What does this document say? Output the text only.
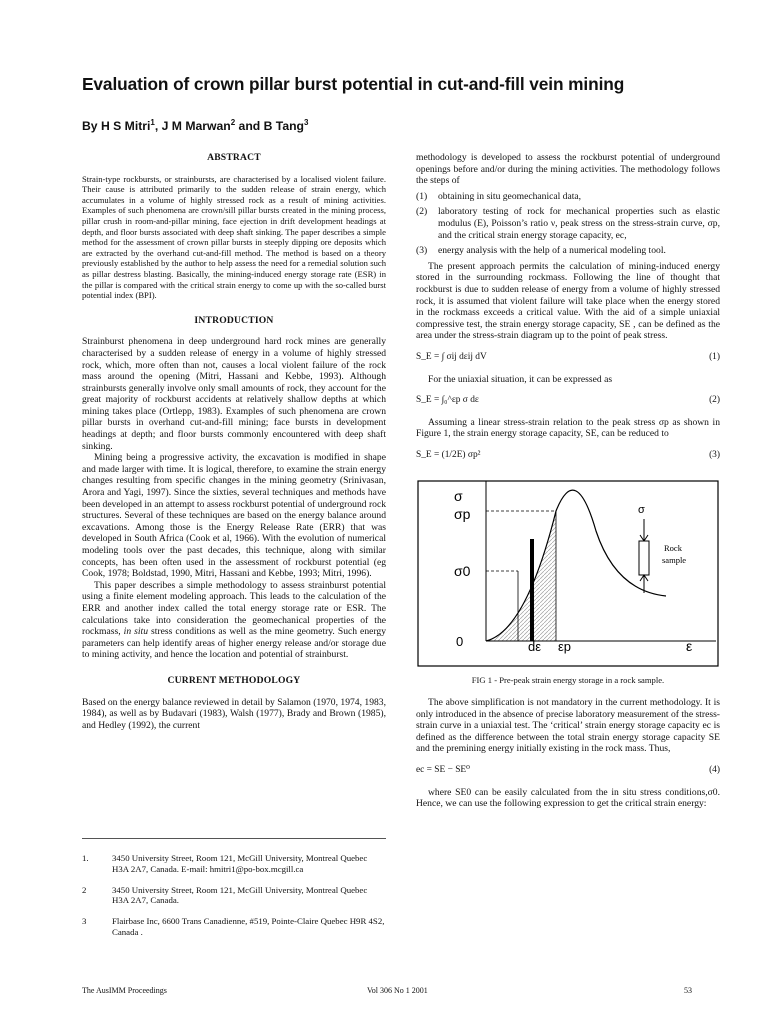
Evaluation of crown pillar burst potential in cut-and-fill vein mining
By H S Mitri$^1$, J M Marwan$^2$ and B Tang$^3$
ABSTRACT

Strain-type rockbursts, or strainbursts, are characterised by a localised violent failure. Their cause is attributed primarily to the sudden release of strain energy, which accumulates in a volume of highly stressed rock as a result of mining activities. Examples of such phenomena are crown/sill pillar bursts created in the mining process, pillar crush in room-and-pillar mining, face ejection in drift development headings at depth, and floor bursts associated with deep shaft sinking. The paper describes a simple method for the assessment of crown pillar bursts in steeply dipping ore deposits which are extracted by the overhand cut-and-fill method. The method is based on a theory previously established by the author to help assess the need for a remedial solution such as pillar destress blasting. Basically, the mining-induced energy storage rate (ESR) in the pillar is compared with the critical strain energy to come up with the so-called burst potential index (BPI).

INTRODUCTION

Strainburst phenomena in deep underground hard rock mines are generally characterised by a sudden release of energy in a volume of highly stressed rock, which, more often than not, causes a local violent failure of the rock mass around the opening (Mitri, Hassani and Kebbe, 1993). Although strainbursts generally involve only small amounts of rock, they account for the great majority of rockburst accidents at relatively shallow depths at which mining takes place (Ortlepp, 1983). Examples of such phenomena are crown pillar bursts in overhand cut-and-fill mining; face bursts in development headings at depth; and floor bursts commonly encountered with deep shaft sinking.

Mining being a progressive activity, the excavation is modified in shape and made larger with time. It is logical, therefore, to examine the strain energy changes resulting from specific changes in the mining geometry (Srinivasan, Arora and Yagi, 1997). Since the sixties, several techniques and methods have been developed in an attempt to assess rockburst potential of underground rock structures. Several of these techniques are based on the energy balance around excavations. Among those is the Energy Release Rate (ERR) that was developed in South Africa (Cook et al, 1966). With the evolution of numerical modeling tools over the past decades, this technique, along with similar concepts, has been often used in the assessment of rockburst potential (eg Cook, 1978; Boldstad, 1990, Mitri, Hassani and Kebbe, 1993; Mitri, 1996).

This paper describes a simple methodology to assess strainburst potential using a finite element modeling approach. This leads to the calculation of the ERR and another index called the total energy storage rate or ESR. The calculations take into consideration the geomechanical properties of the rockmass, in situ stress conditions as well as the mine geometry. Such energy parameters can help identify areas of higher energy release and/or storage due to mining activity, and hence the location and potential of strainburst.

CURRENT METHODOLOGY

Based on the energy balance reviewed in detail by Salamon (1970, 1974, 1983, 1984), as well as by Budavari (1983), Walsh (1977), Brady and Brown (1985), and Hedley (1992), the current

1.	3450 University Street, Room 121, McGill University, Montreal Quebec H3A 2A7, Canada. E-mail: hmitri1@po-box.mcgill.ca
2	3450 University Street, Room 121, McGill University, Montreal Quebec H3A 2A7, Canada.
3	Flairbase Inc, 6600 Trans Canadienne, #519, Pointe-Claire Quebec H9R 4S2, Canada .

methodology is developed to assess the rockburst potential of underground openings before and/or during the mining activities. The methodology follows the steps of

(1)	obtaining in situ geomechanical data,
(2)	laboratory testing of rock for mechanical properties such as elastic modulus (E), Poisson’s ratio ν, peak stress on the stress-strain curve, σp, and the critical strain energy storage capacity, ec,
(3)	energy analysis with the help of a numerical modeling tool.

The present approach permits the calculation of mining-induced energy stored in the surrounding rockmass. Following the line of thought that rockburst is due to sudden release of energy from a volume of highly stressed rock, it is assumed that violent failure will take place when the energy stored in the rockmass exceeds a critical value. With the aid of a simple uniaxial compressive test, the strain energy storage capacity, SE , can be defined as the area under the stress-strain diagram up to the point of peak stress.

S_E = ∫ σij dεij dV	(1)

For the uniaxial situation, it can be expressed as

S_E = ∫₀^εp σ dε	(2)

Assuming a linear stress-strain relation to the peak stress σp as shown in Figure 1, the strain energy storage capacity, SE, can be reduced to

S_E = (1/2E) σp²	(3)
σ
σp
σ0
0	dε εp	ε
σ
Rock
sample
FIG 1 - Pre-peak strain energy storage in a rock sample.

The above simplification is not mandatory in the current methodology. It is only introduced in the absence of precise laboratory measurement of the stress-strain curve in a uniaxial test. The ‘critical’ strain energy storage capacity ec is defined as the difference between the total strain energy storage capacity SE and the premining energy initially existing in the rock mass. Thus,

ec = SE − SE⁰	(4)

where SE0 can be easily calculated from the in situ stress conditions,σ0. Hence, we can use the following expression to get the critical strain energy:

The AusIMM Proceedings	Vol 306 No 1 2001	53
